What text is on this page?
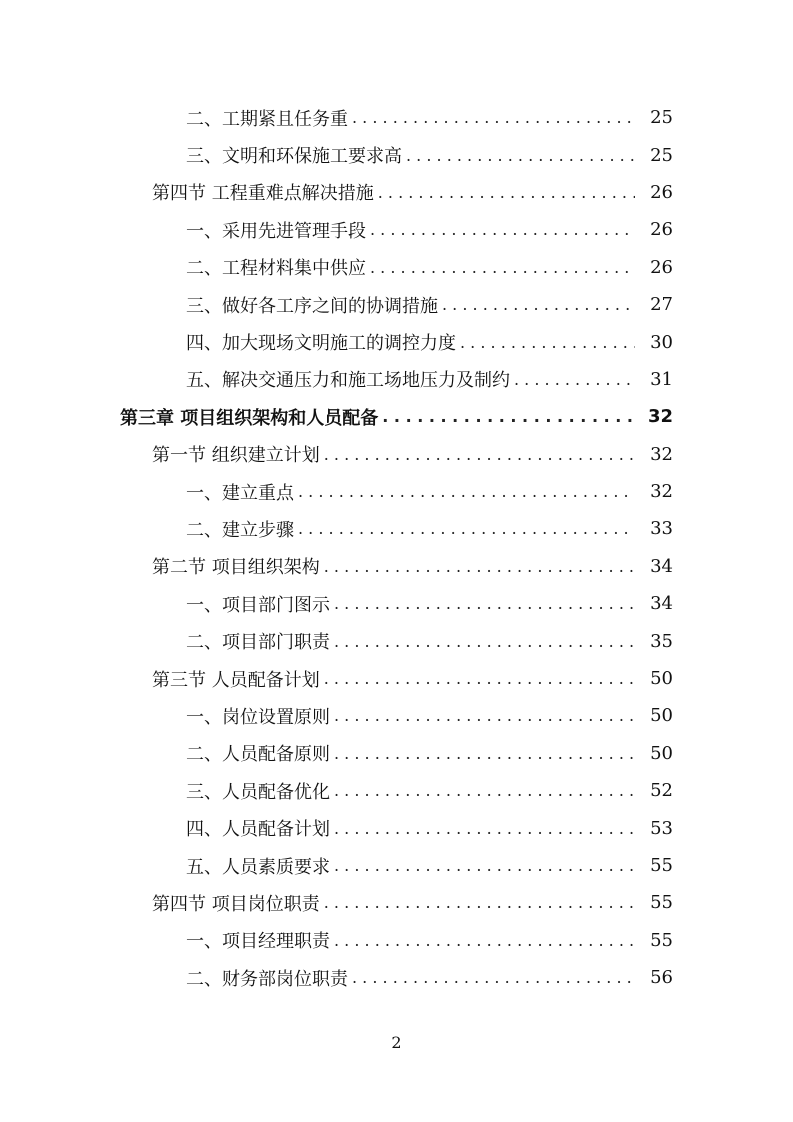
二、工期紧且任务重 . . .	25
三、文明和环保施工要求高 . . .	25
第四节 工程重难点解决措施 . . .	26
一、采用先进管理手段 . . .	26
二、工程材料集中供应 . . .	26
三、做好各工序之间的协调措施 . . .	27
四、加大现场文明施工的调控力度 . . .	30
五、解决交通压力和施工场地压力及制约 . . .	31
第三章 项目组织架构和人员配备 . . .	32
第一节 组织建立计划 . . .	32
一、建立重点 . . .	32
二、建立步骤 . . .	33
第二节 项目组织架构 . . .	34
一、项目部门图示 . . .	34
二、项目部门职责 . . .	35
第三节 人员配备计划 . . .	50
一、岗位设置原则 . . .	50
二、人员配备原则 . . .	50
三、人员配备优化 . . .	52
四、人员配备计划 . . .	53
五、人员素质要求 . . .	55
第四节 项目岗位职责 . . .	55
一、项目经理职责 . . .	55
二、财务部岗位职责 . . .	56
2
